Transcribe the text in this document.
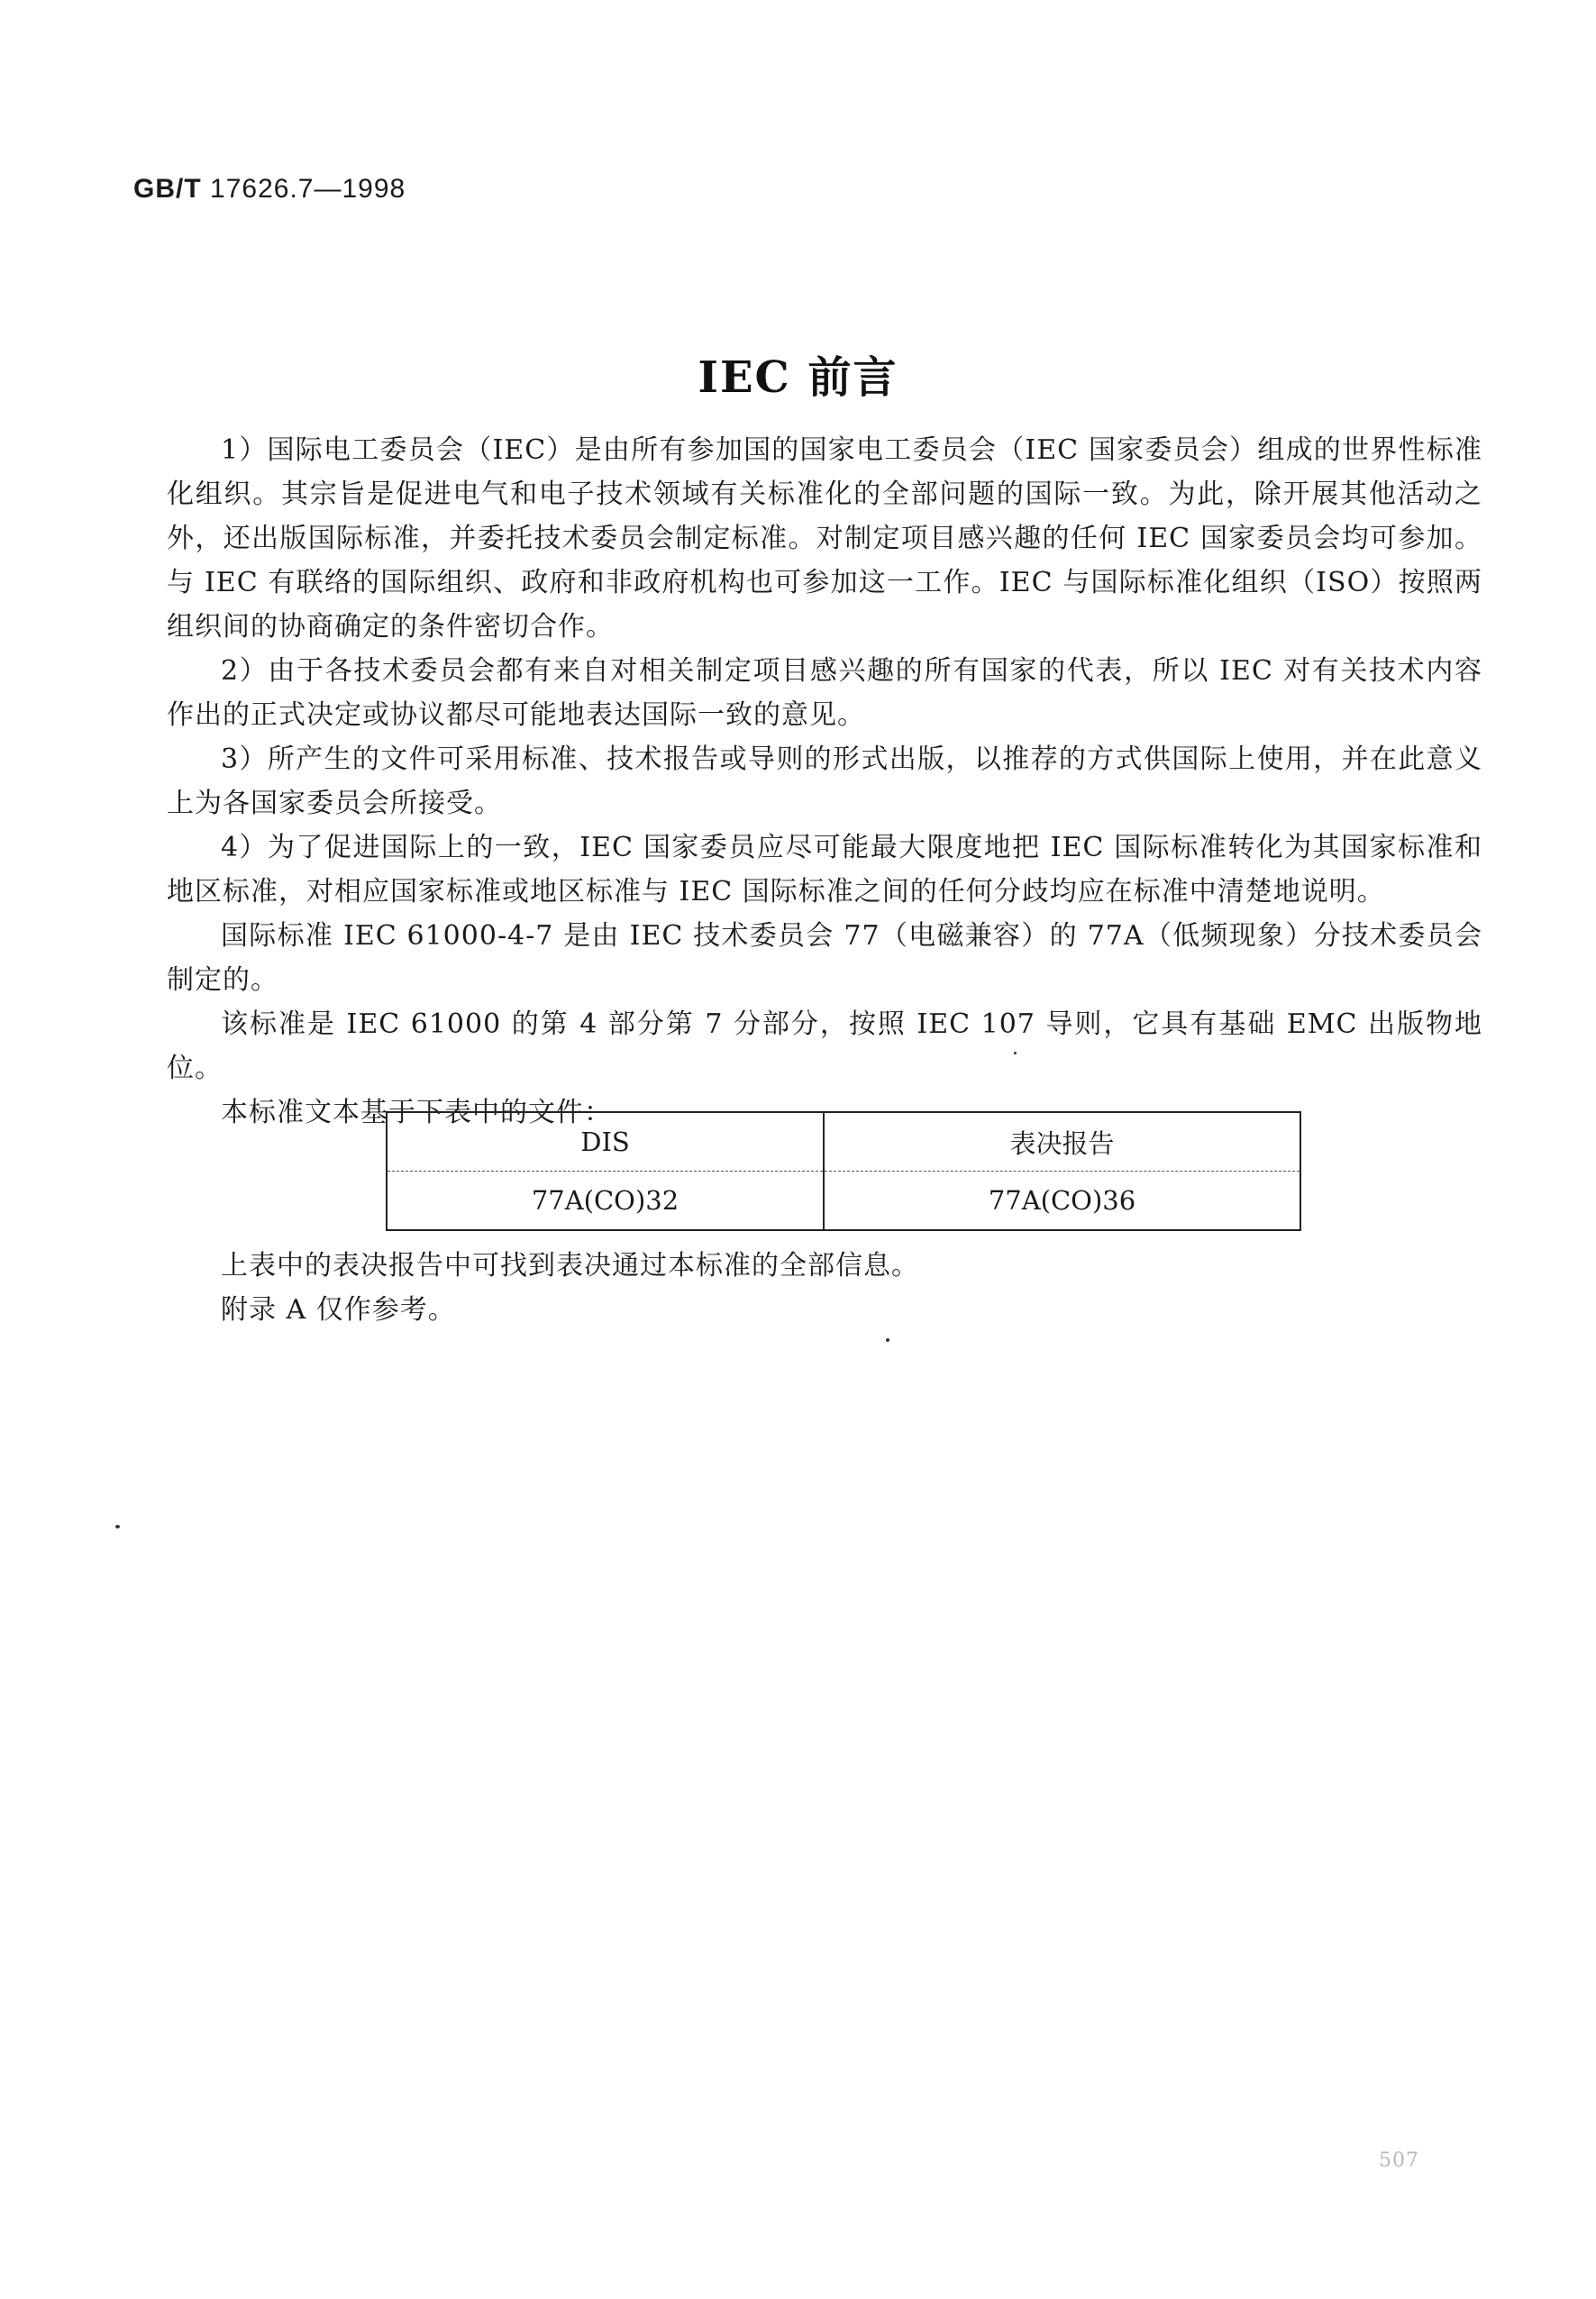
GB/T 17626.7—1998
IEC 前言

1）国际电工委员会（IEC）是由所有参加国的国家电工委员会（IEC 国家委员会）组成的世界性标准化组织。其宗旨是促进电气和电子技术领域有关标准化的全部问题的国际一致。为此，除开展其他活动之外，还出版国际标准，并委托技术委员会制定标准。对制定项目感兴趣的任何 IEC 国家委员会均可参加。与 IEC 有联络的国际组织、政府和非政府机构也可参加这一工作。IEC 与国际标准化组织（ISO）按照两组织间的协商确定的条件密切合作。

2）由于各技术委员会都有来自对相关制定项目感兴趣的所有国家的代表，所以 IEC 对有关技术内容作出的正式决定或协议都尽可能地表达国际一致的意见。

3）所产生的文件可采用标准、技术报告或导则的形式出版，以推荐的方式供国际上使用，并在此意义上为各国家委员会所接受。

4）为了促进国际上的一致，IEC 国家委员应尽可能最大限度地把 IEC 国际标准转化为其国家标准和地区标准，对相应国家标准或地区标准与 IEC 国际标准之间的任何分歧均应在标准中清楚地说明。

国际标准 IEC 61000-4-7 是由 IEC 技术委员会 77（电磁兼容）的 77A（低频现象）分技术委员会制定的。

该标准是 IEC 61000 的第 4 部分第 7 分部分，按照 IEC 107 导则，它具有基础 EMC 出版物地位。

本标准文本基于下表中的文件：

DIS	表决报告
77A(CO)32	77A(CO)36

上表中的表决报告中可找到表决通过本标准的全部信息。

附录 A 仅作参考。

507
